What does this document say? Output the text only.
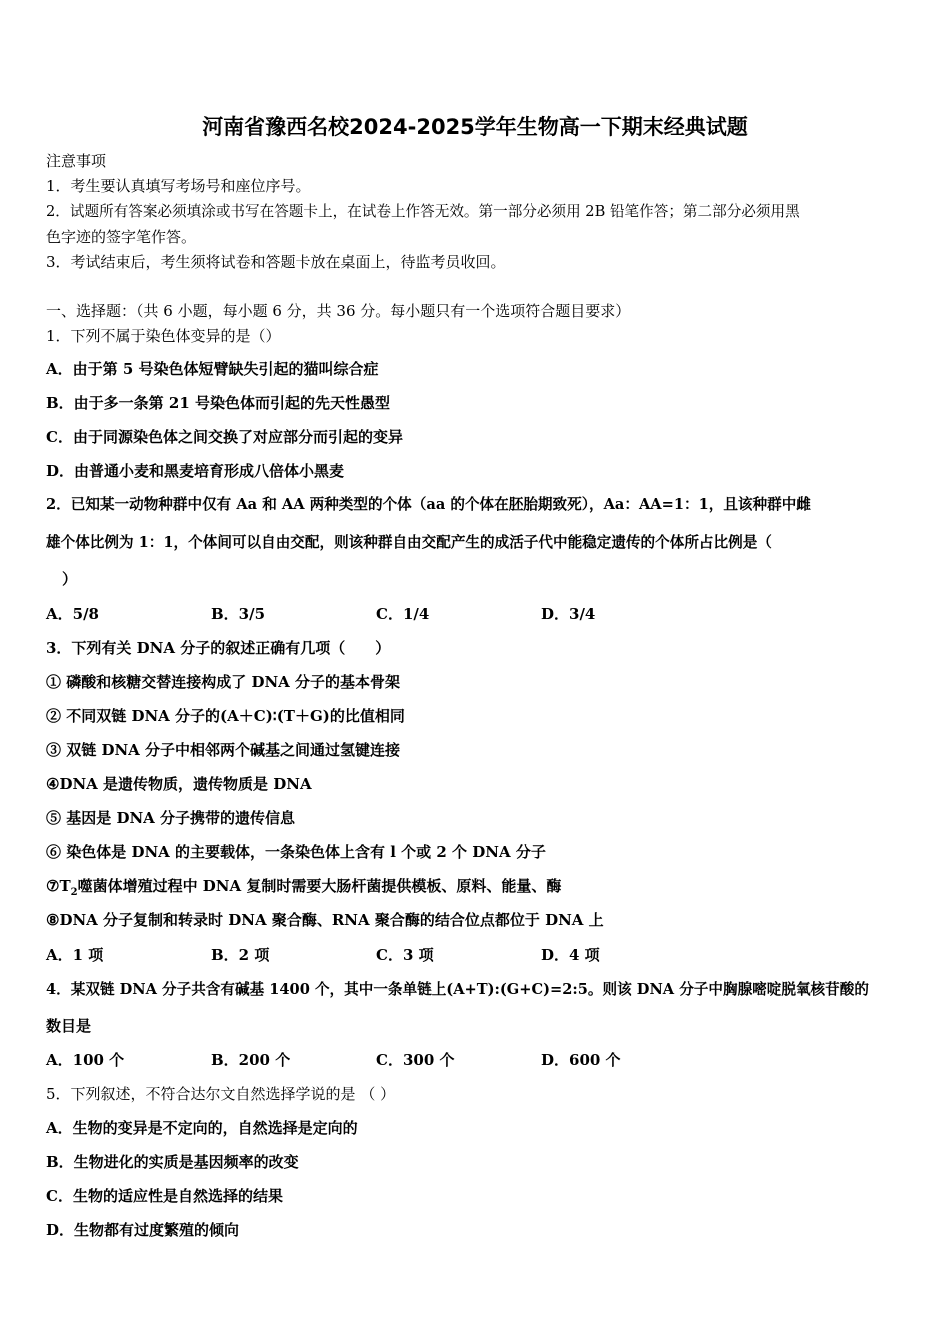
河南省豫西名校2024-2025学年生物高一下期末经典试题
注意事项
1．考生要认真填写考场号和座位序号。
2．试题所有答案必须填涂或书写在答题卡上，在试卷上作答无效。第一部分必须用 2B 铅笔作答；第二部分必须用黑
色字迹的签字笔作答。
3．考试结束后，考生须将试卷和答题卡放在桌面上，待监考员收回。
一、选择题：（共 6 小题，每小题 6 分，共 36 分。每小题只有一个选项符合题目要求）
1．下列不属于染色体变异的是（）
A．由于第 5 号染色体短臂缺失引起的猫叫综合症
B．由于多一条第 21 号染色体而引起的先天性愚型
C．由于同源染色体之间交换了对应部分而引起的变异
D．由普通小麦和黑麦培育形成八倍体小黑麦
2．已知某一动物种群中仅有 Aa 和 AA 两种类型的个体（aa 的个体在胚胎期致死），Aa：AA=1：1，且该种群中雌
雄个体比例为 1：1，个体间可以自由交配，则该种群自由交配产生的成活子代中能稳定遗传的个体所占比例是（
）
A．5/8	B．3/5	C．1/4	D．3/4
3．下列有关 DNA 分子的叙述正确有几项（　　）
① 磷酸和核糖交替连接构成了 DNA 分子的基本骨架
② 不同双链 DNA 分子的(A＋C)∶(T＋G)的比值相同
③ 双链 DNA 分子中相邻两个碱基之间通过氢键连接
④DNA 是遗传物质，遗传物质是 DNA
⑤ 基因是 DNA 分子携带的遗传信息
⑥ 染色体是 DNA 的主要载体，一条染色体上含有 l 个或 2 个 DNA 分子
$⑦T_2$噬菌体增殖过程中 DNA 复制时需要大肠杆菌提供模板、原料、能量、酶
⑧DNA 分子复制和转录时 DNA 聚合酶、RNA 聚合酶的结合位点都位于 DNA 上
A．1 项	B．2 项	C．3 项	D．4 项
4．某双链 DNA 分子共含有碱基 1400 个，其中一条单链上(A+T):(G+C)=2:5。则该 DNA 分子中胸腺嘧啶脱氧核苷酸的
数目是
A．100 个	B．200 个	C．300 个	D．600 个
5．下列叙述，不符合达尔文自然选择学说的是 （ ）
A．生物的变异是不定向的，自然选择是定向的
B．生物进化的实质是基因频率的改变
C．生物的适应性是自然选择的结果
D．生物都有过度繁殖的倾向
